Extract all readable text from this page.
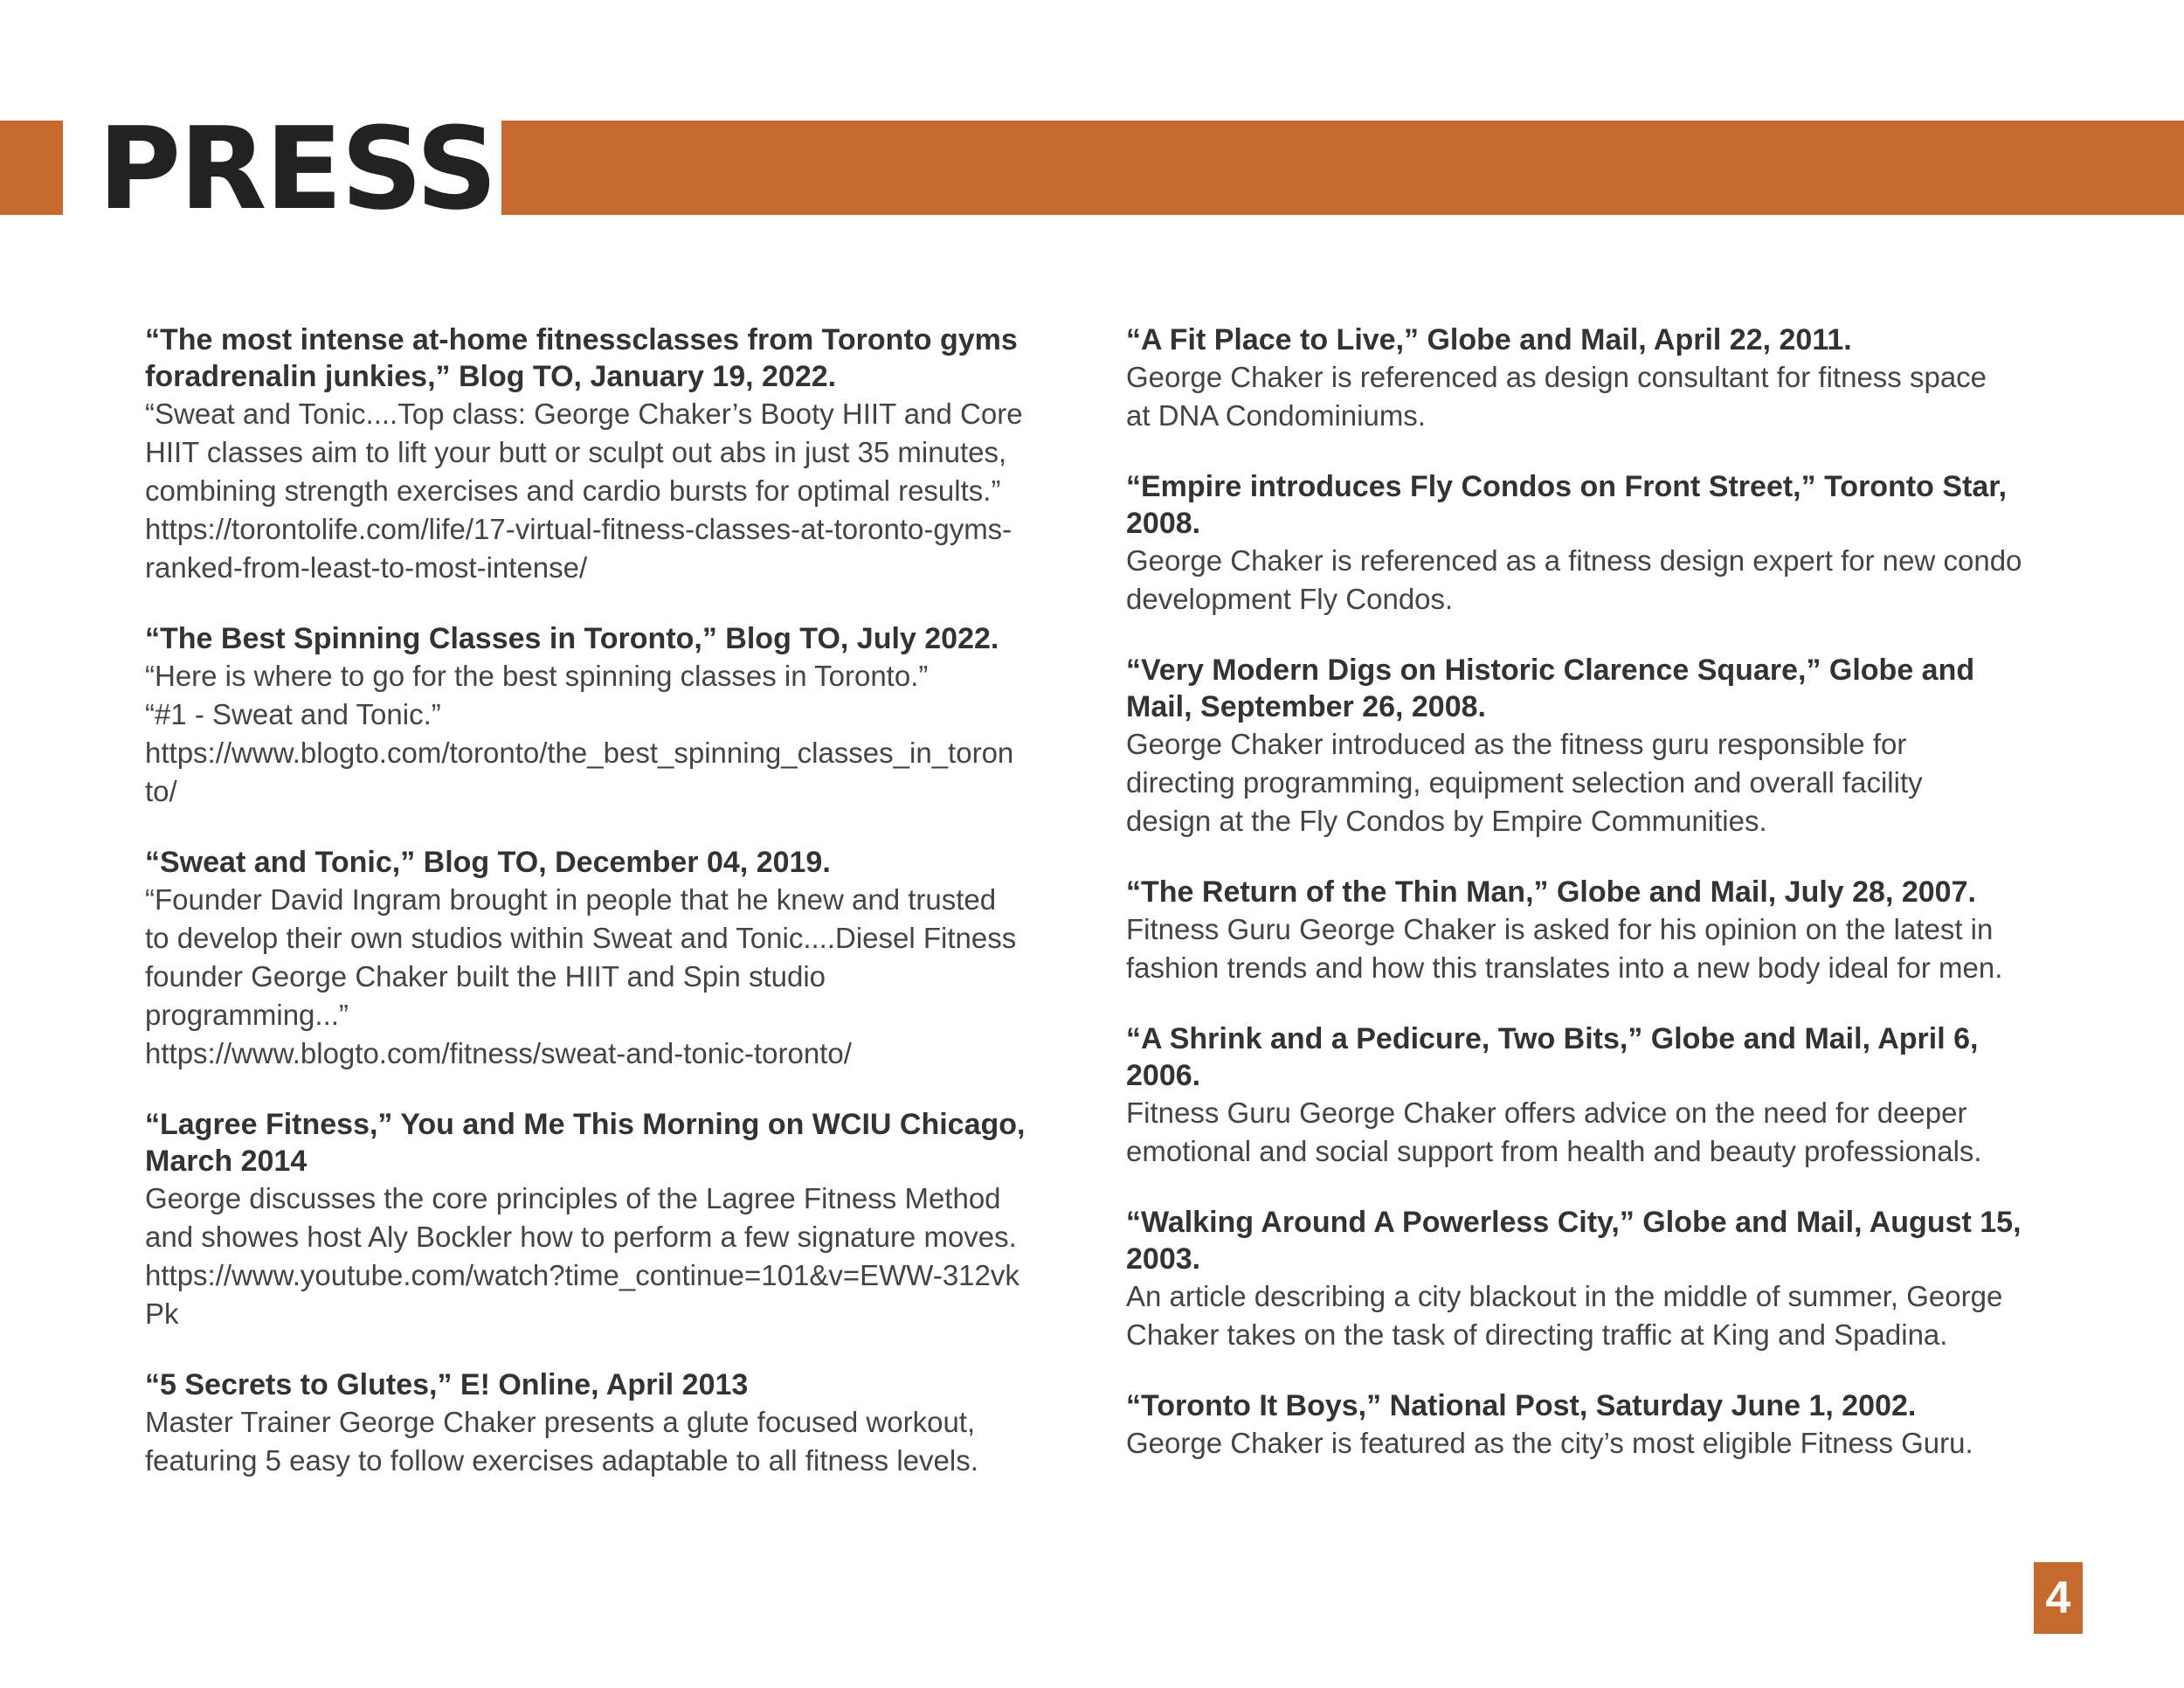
PRESS
“The most intense at-home fitnessclasses from Toronto gyms
foradrenalin junkies,” Blog TO, January 19, 2022.
“Sweat and Tonic....Top class: George Chaker’s Booty HIIT and Core
HIIT classes aim to lift your butt or sculpt out abs in just 35 minutes,
combining strength exercises and cardio bursts for optimal results.”
https://torontolife.com/life/17-virtual-fitness-classes-at-toronto-gyms-
ranked-from-least-to-most-intense/
“The Best Spinning Classes in Toronto,” Blog TO, July 2022.
“Here is where to go for the best spinning classes in Toronto.”
“#1 - Sweat and Tonic.”
https://www.blogto.com/toronto/the_best_spinning_classes_in_toron
to/
“Sweat and Tonic,” Blog TO, December 04, 2019.
“Founder David Ingram brought in people that he knew and trusted
to develop their own studios within Sweat and Tonic....Diesel Fitness
founder George Chaker built the HIIT and Spin studio
programming...”
https://www.blogto.com/fitness/sweat-and-tonic-toronto/
“Lagree Fitness,” You and Me This Morning on WCIU Chicago,
March 2014
George discusses the core principles of the Lagree Fitness Method
and showes host Aly Bockler how to perform a few signature moves.
https://www.youtube.com/watch?time_continue=101&v=EWW-312vk
Pk
“5 Secrets to Glutes,” E! Online, April 2013
Master Trainer George Chaker presents a glute focused workout,
featuring 5 easy to follow exercises adaptable to all fitness levels.
“A Fit Place to Live,” Globe and Mail, April 22, 2011.
George Chaker is referenced as design consultant for fitness space
at DNA Condominiums.
“Empire introduces Fly Condos on Front Street,” Toronto Star,
2008.
George Chaker is referenced as a fitness design expert for new condo
development Fly Condos.
“Very Modern Digs on Historic Clarence Square,” Globe and
Mail, September 26, 2008.
George Chaker introduced as the fitness guru responsible for
directing programming, equipment selection and overall facility
design at the Fly Condos by Empire Communities.
“The Return of the Thin Man,” Globe and Mail, July 28, 2007.
Fitness Guru George Chaker is asked for his opinion on the latest in
fashion trends and how this translates into a new body ideal for men.
“A Shrink and a Pedicure, Two Bits,” Globe and Mail, April 6,
2006.
Fitness Guru George Chaker offers advice on the need for deeper
emotional and social support from health and beauty professionals.
“Walking Around A Powerless City,” Globe and Mail, August 15,
2003.
An article describing a city blackout in the middle of summer, George
Chaker takes on the task of directing traffic at King and Spadina.
“Toronto It Boys,” National Post, Saturday June 1, 2002.
George Chaker is featured as the city’s most eligible Fitness Guru.
4
